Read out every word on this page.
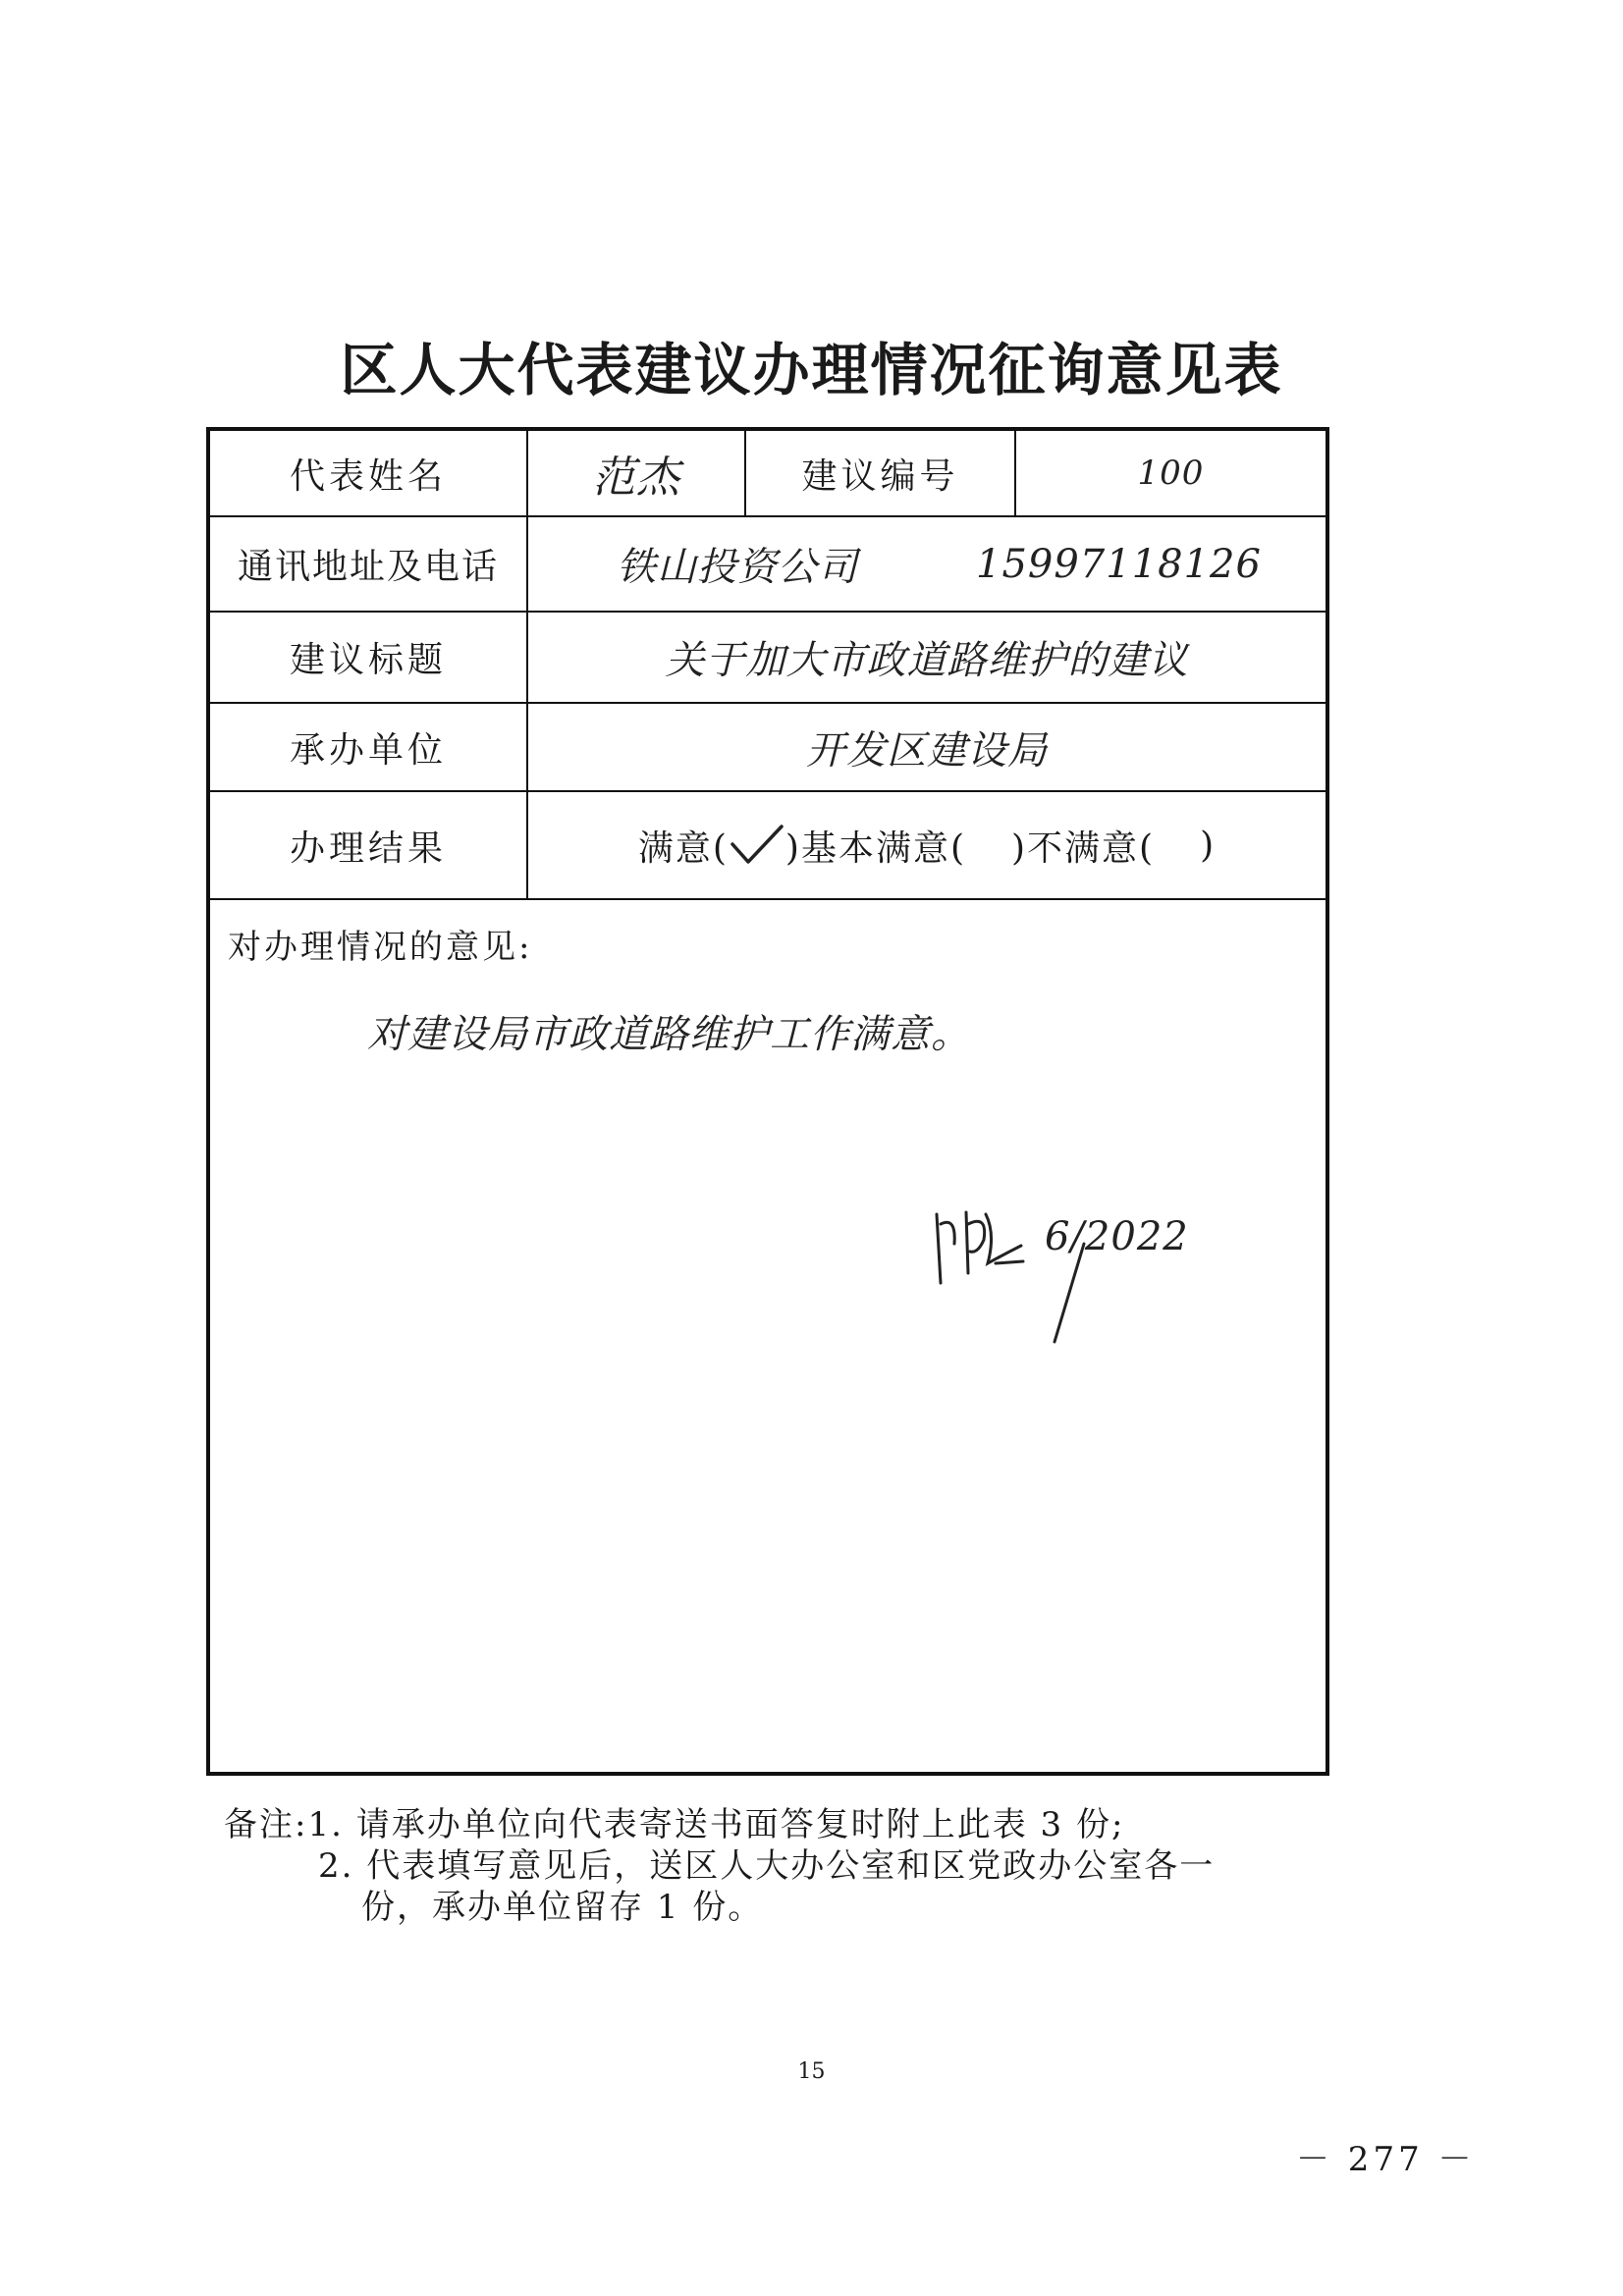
区人大代表建议办理情况征询意见表
代表姓名	范杰	建议编号	100
通讯地址及电话	铁山投资公司	15997118126
建议标题	关于加大市政道路维护的建议
承办单位	开发区建设局
办理结果	满意( )基本满意( )不满意( )
对办理情况的意见:
对建设局市政道路维护工作满意。
6/2022
备注:1. 请承办单位向代表寄送书面答复时附上此表 3 份;
2. 代表填写意见后，送区人大办公室和区党政办公室各一
份，承办单位留存 1 份。
15
－ 277 －
